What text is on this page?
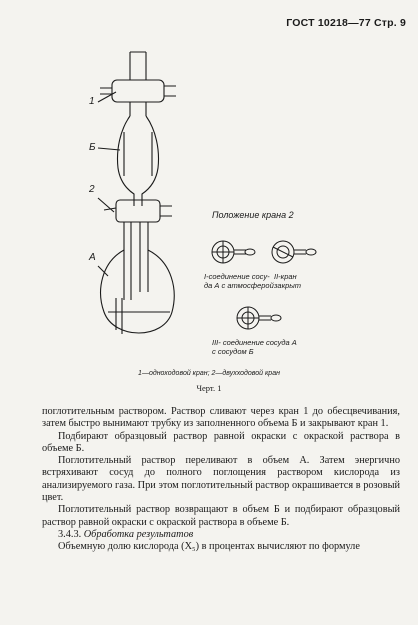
ГОСТ 10218—77 Стр. 9
1
Б
2
А
Положение крана 2
I-соединение сосу-
да А с атмосферой
II-кран
закрыт
III- соединение сосуда А
с сосудом Б
1—однохoдовой кран; 2—двухходовой кран
Черт. 1

поглотительным раствором. Раствор сливают через кран 1 до обесцвечивания, затем быстро вынимают трубку из заполненного объема Б и закрывают кран 1.

Подбирают образцовый раствор равной окраски с окраской раствора в объеме Б.

Поглотительный раствор переливают в объем А. Затем энергично встряхивают сосуд до полного поглощения раствором кислорода из анализируемого газа. При этом поглотительный раствор окрашивается в розовый цвет.

Поглотительный раствор возвращают в объем Б и подбирают образцовый раствор равной окраски с окраской раствора в объеме Б.

3.4.3. Обработка результатов

Объемную долю кислорода (X₅) в процентах вычисляют по формуле
